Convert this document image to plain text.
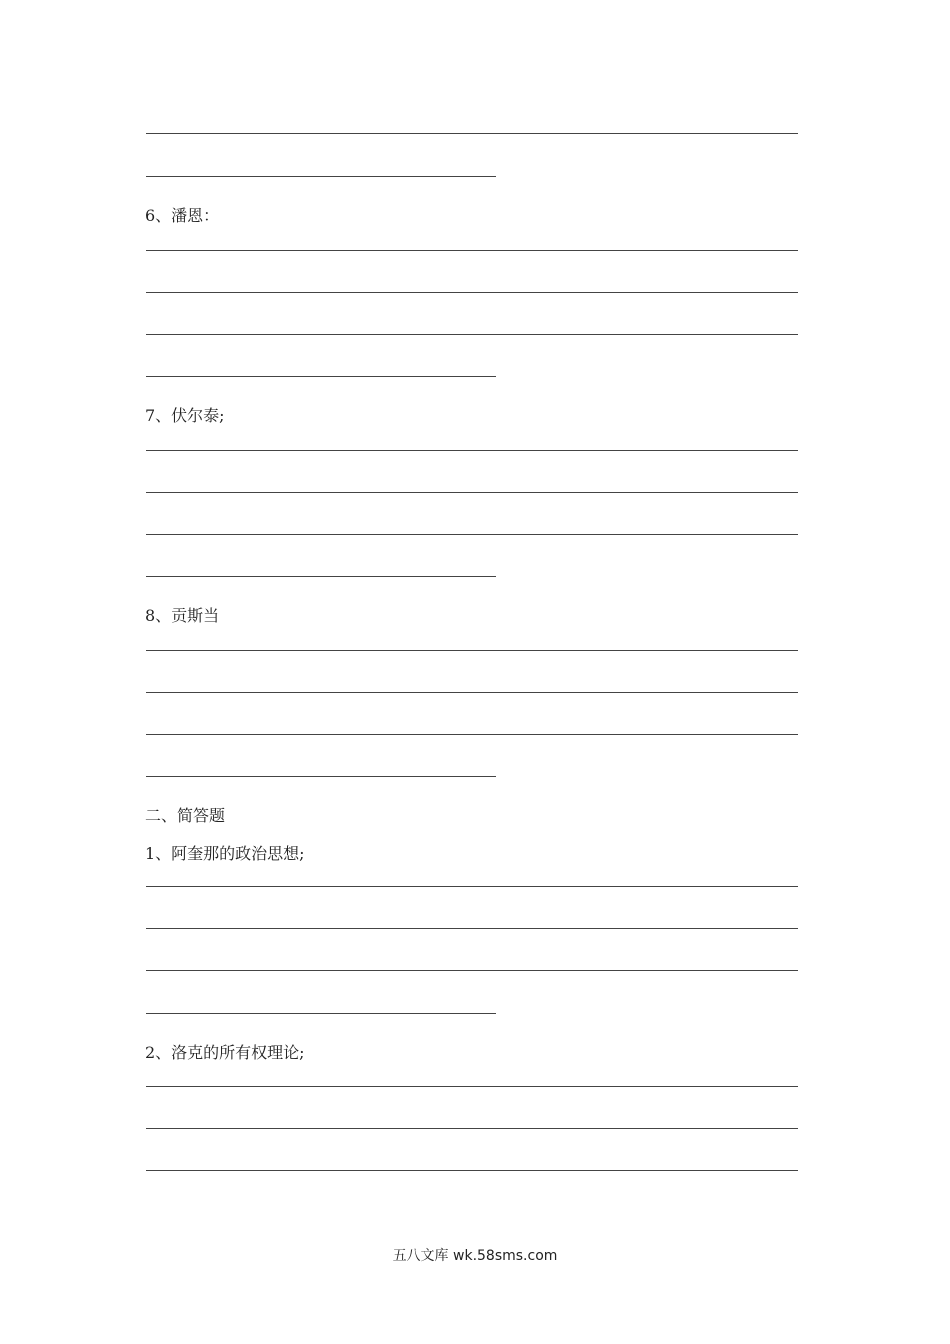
6、潘恩：
7、伏尔泰;
8、贡斯当
二、简答题
1、阿奎那的政治思想;
2、洛克的所有权理论;
五八文库 wk.58sms.com
